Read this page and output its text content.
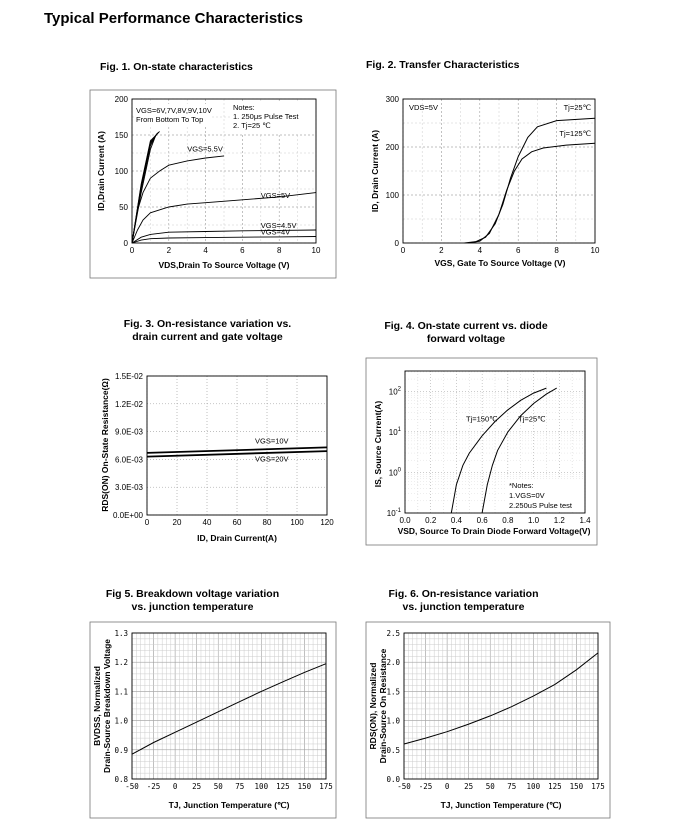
Typical Performance Characteristics
Fig. 1. On-state characteristics	Fig. 2. Transfer Characteristics
Fig. 3. On-resistance variation vs.
drain current and gate voltage
Fig. 4. On-state current vs. diode
forward voltage
Fig 5. Breakdown voltage variation
vs. junction temperature
Fig. 6. On-resistance variation
vs. junction temperature
0	2	4	6	8	10
0
50
100
150
200
VDS,Drain To Source Voltage (V)
ID,Drain Current (A)
VGS=4V
VGS=4.5V
VGS=5V
VGS=5.5V
VGS=6V,7V,8V,9V,10V
From Bottom To Top
Notes:
1. 250μs Pulse Test
2. Tj=25 ℃
0	2	4	6	8	10
0
100
200
300
VGS, Gate To Source Voltage (V)
ID, Drain Current (A)
VDS=5V	Tj=25℃
Tj=125℃
0	20	40	60	80 100 120
0.0E+00
3.0E-03
6.0E-03
9.0E-03
1.2E-02
1.5E-02
ID, Drain Current(A)
RDS(ON) On-State Resistance(Ω)	VGS=10V
VGS=20V
0.0 0.2 0.4 0.6 0.8 1.0 1.2 1.4
$10^{-1}$
$10^0$
$10^1$
$10^2$
Tj=150℃	Tj=25℃
*Notes:
1.VGS=0V
2.250uS Pulse test
VSD, Source To Drain Diode Forward Voltage(V)
IS, Source Current(A)
-50 -25 0 25 50 75 100 125 150 175
0.8
0.9
1.0
1.1
1.2
1.3
TJ, Junction Temperature (℃)
BVDSS, Normalized Drain-Source Breakdown Voltage
-50 -25 0 25 50 75 100 125 150 175
0.0
0.5
1.0
1.5
2.0
2.5
TJ, Junction Temperature (℃)
RDS(ON), Normalized Drain-Source On Resistance
